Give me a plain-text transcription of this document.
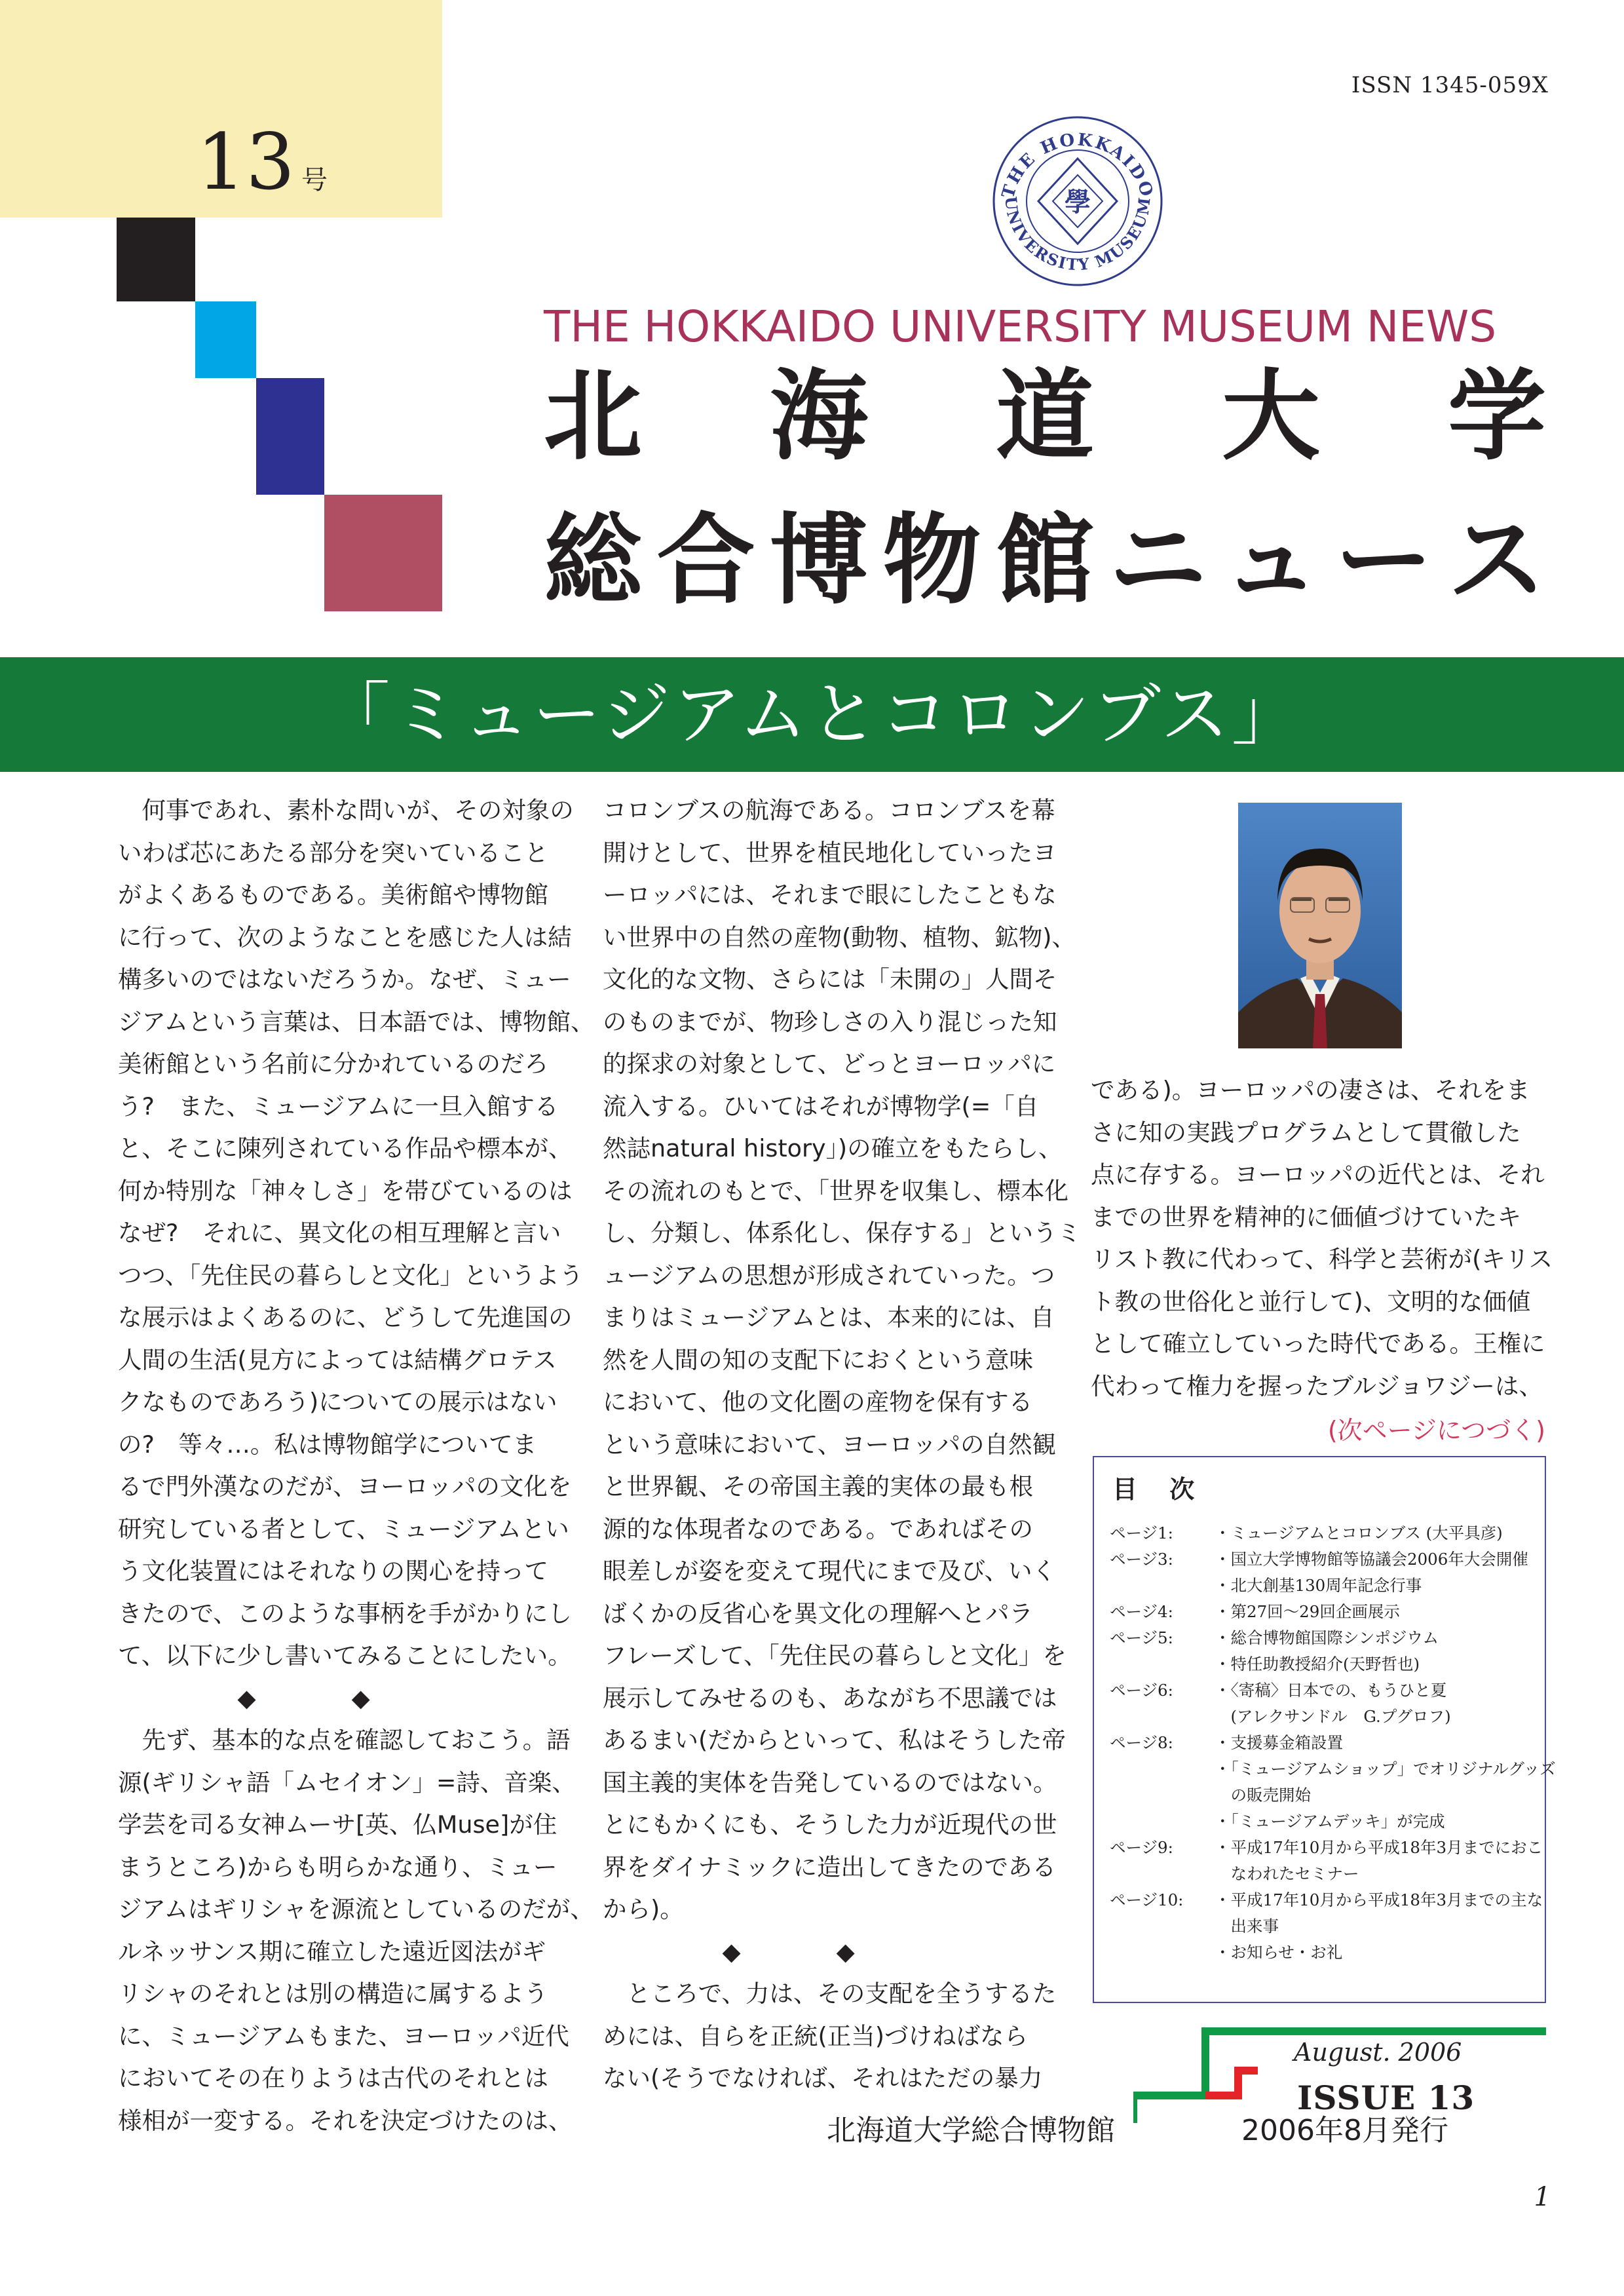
13 号
ISSN 1345-059X
THE HOKKAIDO
UNIVERSITY MUSEUM
學
THE HOKKAIDO UNIVERSITY MUSEUM NEWS
北 海 道 大 学
総 合 博 物 館 ニ ュ ー ス
「ミュージアムとコロンブス」
　何事であれ、素朴な問いが、その対象の
いわば芯にあたる部分を突いていること
がよくあるものである。美術館や博物館
に行って、次のようなことを感じた人は結
構多いのではないだろうか。なぜ、ミュー
ジアムという言葉は、日本語では、博物館、
美術館という名前に分かれているのだろ
う?　また、ミュージアムに一旦入館する
と、そこに陳列されている作品や標本が、
何か特別な「神々しさ」を帯びているのは
なぜ?　それに、異文化の相互理解と言い
つつ、「先住民の暮らしと文化」というよう
な展示はよくあるのに、どうして先進国の
人間の生活(見方によっては結構グロテス
クなものであろう)についての展示はない
の?　等々…。私は博物館学についてま
るで門外漢なのだが、ヨーロッパの文化を
研究している者として、ミュージアムとい
う文化装置にはそれなりの関心を持って
きたので、このような事柄を手がかりにし
て、以下に少し書いてみることにしたい。
　　　　　◆　　　　◆
　先ず、基本的な点を確認しておこう。語
源(ギリシャ語「ムセイオン」=詩、音楽、
学芸を司る女神ムーサ[英、仏Muse]が住
まうところ)からも明らかな通り、ミュー
ジアムはギリシャを源流としているのだが、
ルネッサンス期に確立した遠近図法がギ
リシャのそれとは別の構造に属するよう
に、ミュージアムもまた、ヨーロッパ近代
においてその在りようは古代のそれとは
様相が一変する。それを決定づけたのは、
コロンブスの航海である。コロンブスを幕
開けとして、世界を植民地化していったヨ
ーロッパには、それまで眼にしたこともな
い世界中の自然の産物(動物、植物、鉱物)、
文化的な文物、さらには「未開の」人間そ
のものまでが、物珍しさの入り混じった知
的探求の対象として、どっとヨーロッパに
流入する。ひいてはそれが博物学(=「自
然誌natural history」)の確立をもたらし、
その流れのもとで、「世界を収集し、標本化
し、分類し、体系化し、保存する」というミ
ュージアムの思想が形成されていった。つ
まりはミュージアムとは、本来的には、自
然を人間の知の支配下におくという意味
において、他の文化圏の産物を保有する
という意味において、ヨーロッパの自然観
と世界観、その帝国主義的実体の最も根
源的な体現者なのである。であればその
眼差しが姿を変えて現代にまで及び、いく
ばくかの反省心を異文化の理解へとパラ
フレーズして、「先住民の暮らしと文化」を
展示してみせるのも、あながち不思議では
あるまい(だからといって、私はそうした帝
国主義的実体を告発しているのではない。
とにもかくにも、そうした力が近現代の世
界をダイナミックに造出してきたのである
から)。
　　　　　◆　　　　◆
　ところで、力は、その支配を全うするた
めには、自らを正統(正当)づけねばなら
ない(そうでなければ、それはただの暴力
である)。ヨーロッパの凄さは、それをま
さに知の実践プログラムとして貫徹した
点に存する。ヨーロッパの近代とは、それ
までの世界を精神的に価値づけていたキ
リスト教に代わって、科学と芸術が(キリス
ト教の世俗化と並行して)、文明的な価値
として確立していった時代である。王権に
代わって権力を握ったブルジョワジーは、
(次ページにつづく)
目 次
ページ1:	・ミュージアムとコロンブス (大平具彦)
ページ3:	・国立大学博物館等協議会2006年大会開催
・北大創基130周年記念行事
ページ4:	・第27回〜29回企画展示
ページ5:	・総合博物館国際シンポジウム
・特任助教授紹介(天野哲也)
ページ6:	・〈寄稿〉日本での、もうひと夏
　(アレクサンドル　G.プグロフ)
ページ8:	・支援募金箱設置
・「ミュージアムショップ」でオリジナルグッズ
　の販売開始
・「ミュージアムデッキ」が完成
ページ9:	・平成17年10月から平成18年3月までにおこ
　なわれたセミナー
ページ10: ・平成17年10月から平成18年3月までの主な
　出来事
・お知らせ・お礼
August. 2006
ISSUE 13
北海道大学総合博物館	2006年8月発行
1
